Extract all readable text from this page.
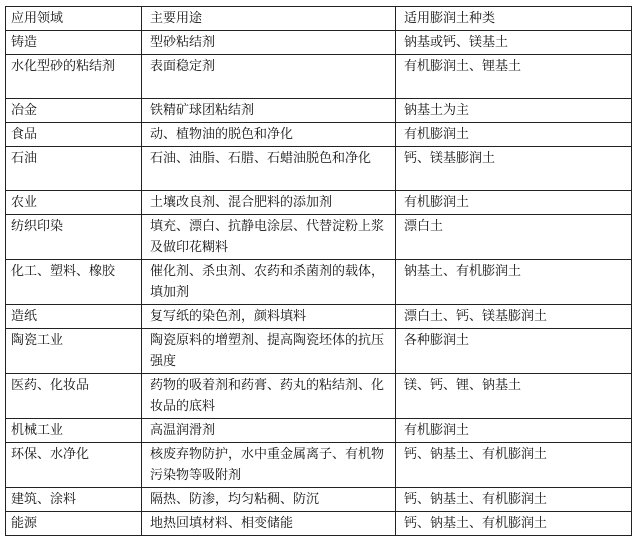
应用领域	主要用途	适用膨润土种类
铸造	型砂粘结剂	钠基或钙、镁基土
水化型砂的粘结剂	表面稳定剂	有机膨润土、锂基土
冶金	铁精矿球团粘结剂	钠基土为主
食品	动、植物油的脱色和净化	有机膨润土
石油	石油、油脂、石腊、石蜡油脱色和净化	钙、镁基膨润土
农业	土壤改良剂、混合肥料的添加剂	有机膨润土
纺织印染	填充、漂白、抗静电涂层、代替淀粉上浆及做印花糊料	漂白土
化工、塑料、橡胶	催化剂、杀虫剂、农药和杀菌剂的载体，填加剂	钠基土、有机膨润土
造纸	复写纸的染色剂，颜料填料	漂白土、钙、镁基膨润土
陶瓷工业	陶瓷原料的增塑剂、提高陶瓷坯体的抗压强度	各种膨润土
医药、化妆品	药物的吸着剂和药膏、药丸的粘结剂、化妆品的底料	镁、钙、锂、钠基土
机械工业	高温润滑剂	有机膨润土
环保、水净化	核废弃物防护，水中重金属离子、有机物污染物等吸附剂	钙、钠基土、有机膨润土
建筑、涂料	隔热、防渗，均匀粘稠、防沉	钙、钠基土、有机膨润土
能源	地热回填材料、相变储能	钙、钠基土、有机膨润土
